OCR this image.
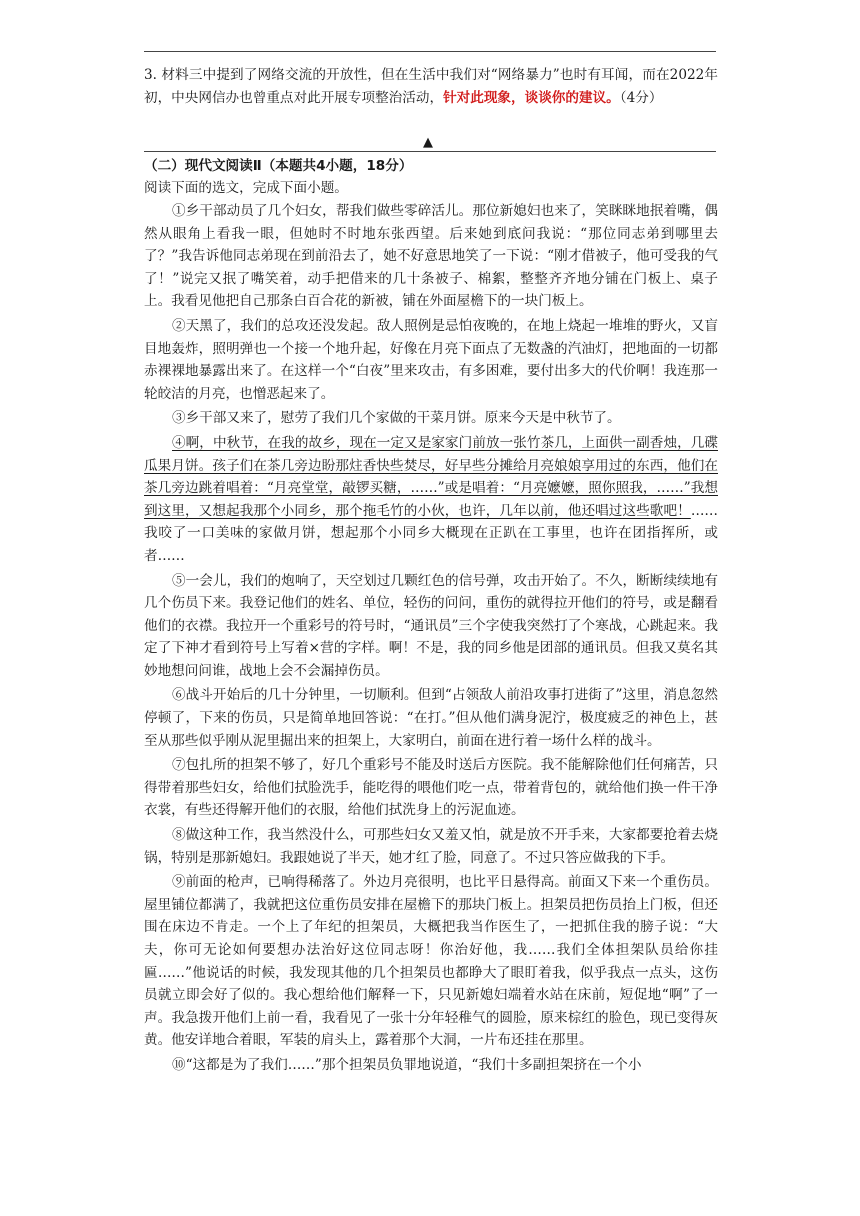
3. 材料三中提到了网络交流的开放性，但在生活中我们对“网络暴力”也时有耳闻，而在2022年初，中央网信办也曾重点对此开展专项整治活动，针对此现象，谈谈你的建议。（4分）
▲
（二）现代文阅读Ⅱ（本题共4小题，18分）
阅读下面的选文，完成下面小题。

①乡干部动员了几个妇女，帮我们做些零碎活儿。那位新媳妇也来了，笑眯眯地抿着嘴，偶然从眼角上看我一眼，但她时不时地东张西望。后来她到底问我说：“那位同志弟到哪里去了？”我告诉他同志弟现在到前沿去了，她不好意思地笑了一下说：“刚才借被子，他可受我的气了！”说完又抿了嘴笑着，动手把借来的几十条被子、棉絮，整整齐齐地分铺在门板上、桌子上。我看见他把自己那条白百合花的新被，铺在外面屋檐下的一块门板上。

②天黑了，我们的总攻还没发起。敌人照例是忌怕夜晚的，在地上烧起一堆堆的野火，又盲目地轰炸，照明弹也一个接一个地升起，好像在月亮下面点了无数盏的汽油灯，把地面的一切都赤裸裸地暴露出来了。在这样一个“白夜”里来攻击，有多困难，要付出多大的代价啊！我连那一轮皎洁的月亮，也憎恶起来了。

③乡干部又来了，慰劳了我们几个家做的干菜月饼。原来今天是中秋节了。

④啊，中秋节，在我的故乡，现在一定又是家家门前放一张竹茶几，上面供一副香烛，几碟瓜果月饼。孩子们在茶几旁边盼那炷香快些焚尽，好早些分摊给月亮娘娘享用过的东西，他们在茶几旁边跳着唱着：“月亮堂堂，敲锣买糖，……”或是唱着：“月亮嬷嬷，照你照我，……”我想到这里，又想起我那个小同乡，那个拖毛竹的小伙，也许，几年以前，他还唱过这些歌吧！……我咬了一口美味的家做月饼，想起那个小同乡大概现在正趴在工事里，也许在团指挥所，或者……

⑤一会儿，我们的炮响了，天空划过几颗红色的信号弹，攻击开始了。不久，断断续续地有几个伤员下来。我登记他们的姓名、单位，轻伤的问问，重伤的就得拉开他们的符号，或是翻看他们的衣襟。我拉开一个重彩号的符号时，“通讯员”三个字使我突然打了个寒战，心跳起来。我定了下神才看到符号上写着×营的字样。啊！不是，我的同乡他是团部的通讯员。但我又莫名其妙地想问问谁，战地上会不会漏掉伤员。

⑥战斗开始后的几十分钟里，一切顺利。但到“占领敌人前沿攻事打进街了”这里，消息忽然停顿了，下来的伤员，只是简单地回答说：“在打。”但从他们满身泥泞，极度疲乏的神色上，甚至从那些似乎刚从泥里掘出来的担架上，大家明白，前面在进行着一场什么样的战斗。

⑦包扎所的担架不够了，好几个重彩号不能及时送后方医院。我不能解除他们任何痛苦，只得带着那些妇女，给他们拭脸洗手，能吃得的喂他们吃一点，带着背包的，就给他们换一件干净衣裳，有些还得解开他们的衣服，给他们拭洗身上的污泥血迹。

⑧做这种工作，我当然没什么，可那些妇女又羞又怕，就是放不开手来，大家都要抢着去烧锅，特别是那新媳妇。我跟她说了半天，她才红了脸，同意了。不过只答应做我的下手。

⑨前面的枪声，已响得稀落了。外边月亮很明，也比平日悬得高。前面又下来一个重伤员。屋里铺位都满了，我就把这位重伤员安排在屋檐下的那块门板上。担架员把伤员抬上门板，但还围在床边不肯走。一个上了年纪的担架员，大概把我当作医生了，一把抓住我的膀子说：“大夫，你可无论如何要想办法治好这位同志呀！你治好他，我……我们全体担架队员给你挂匾……”他说话的时候，我发现其他的几个担架员也都睁大了眼盯着我，似乎我点一点头，这伤员就立即会好了似的。我心想给他们解释一下，只见新媳妇端着水站在床前，短促地“啊”了一声。我急拨开他们上前一看，我看见了一张十分年轻稚气的圆脸，原来棕红的脸色，现已变得灰黄。他安详地合着眼，军装的肩头上，露着那个大洞，一片布还挂在那里。

⑩“这都是为了我们……”那个担架员负罪地说道，“我们十多副担架挤在一个小
